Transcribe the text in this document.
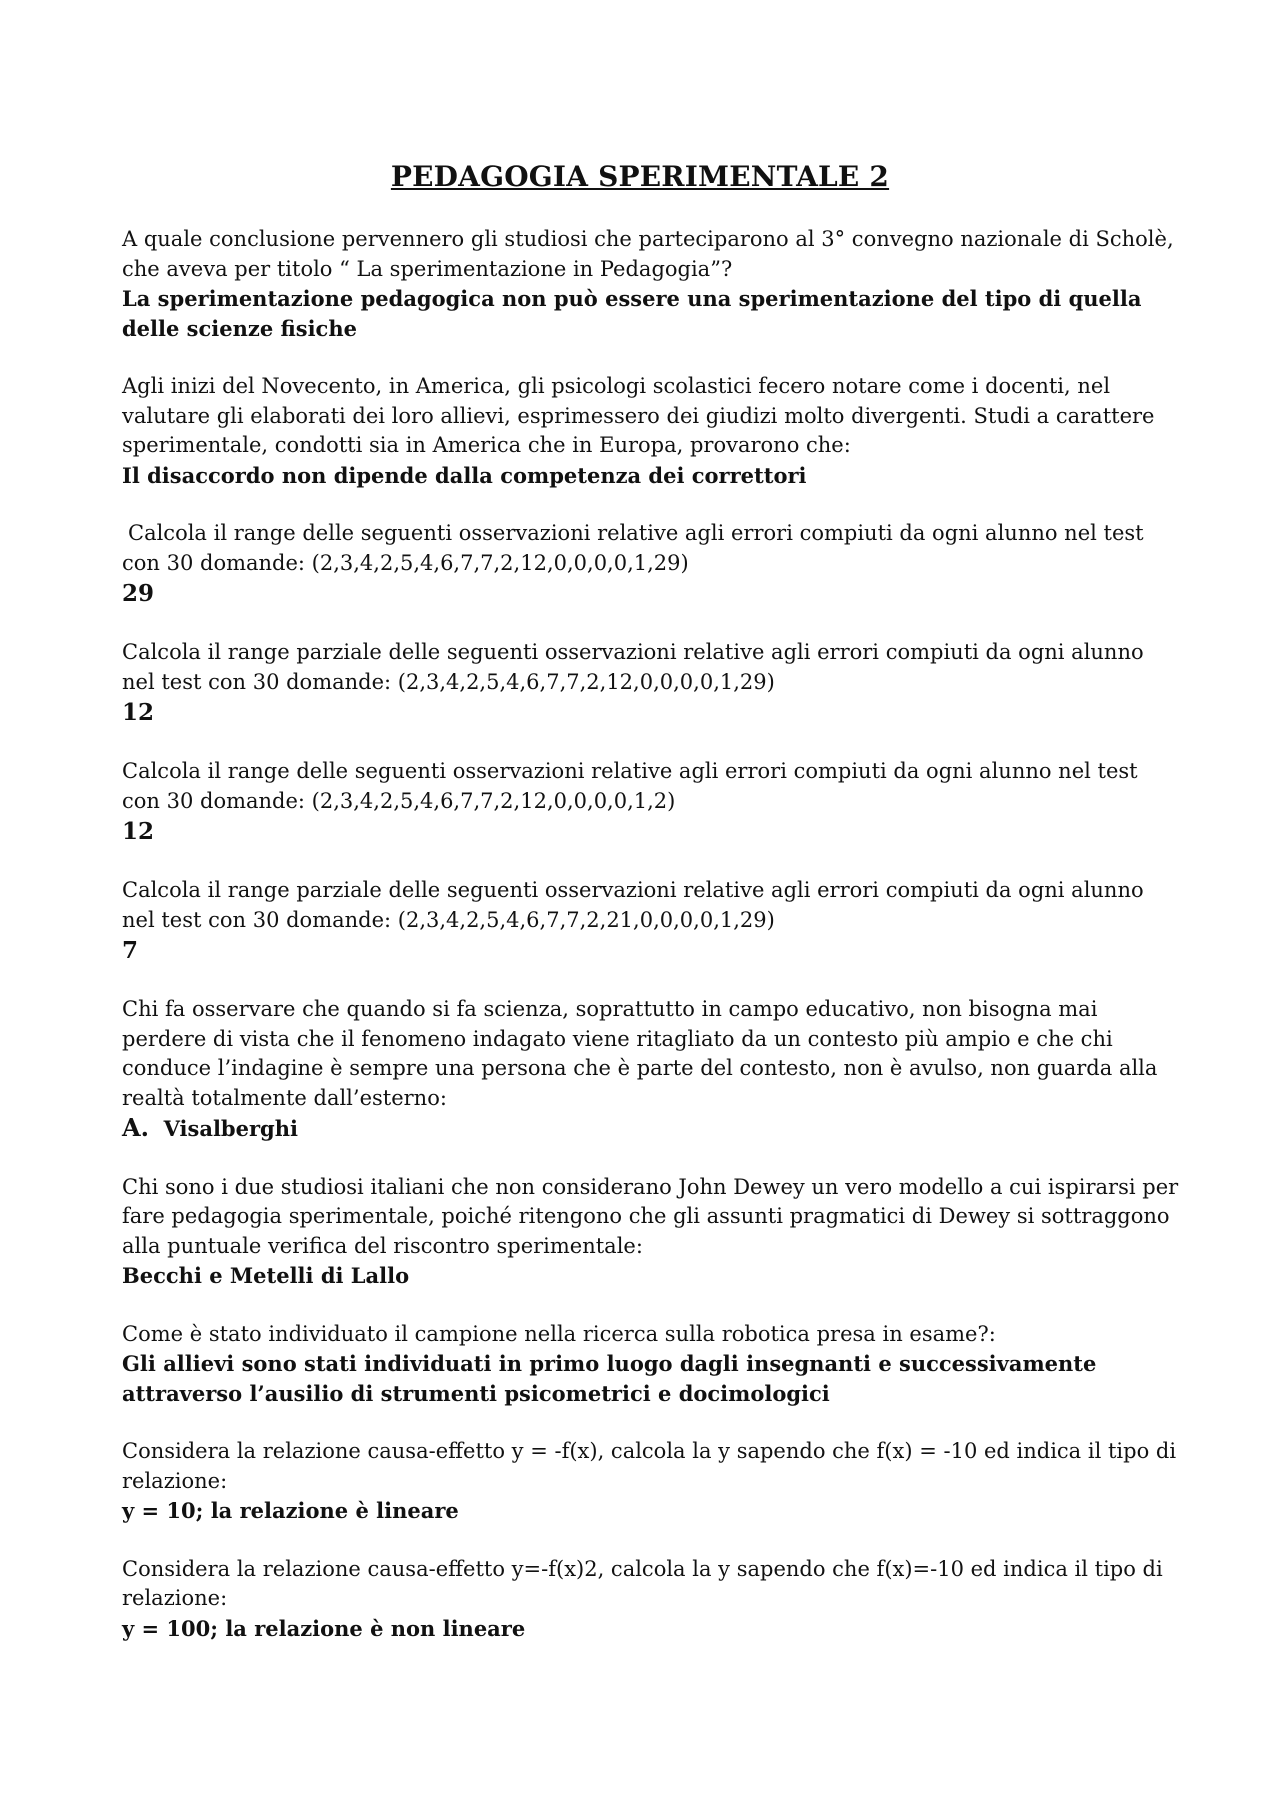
PEDAGOGIA SPERIMENTALE 2

A quale conclusione pervennero gli studiosi che parteciparono al 3° convegno nazionale di Scholè, che aveva per titolo “ La sperimentazione in Pedagogia”?

La sperimentazione pedagogica non può essere una sperimentazione del tipo di quella delle scienze fisiche

Agli inizi del Novecento, in America, gli psicologi scolastici fecero notare come i docenti, nel valutare gli elaborati dei loro allievi, esprimessero dei giudizi molto divergenti. Studi a carattere sperimentale, condotti sia in America che in Europa, provarono che:

Il disaccordo non dipende dalla competenza dei correttori

Calcola il range delle seguenti osservazioni relative agli errori compiuti da ogni alunno nel test con 30 domande: (2,3,4,2,5,4,6,7,7,2,12,0,0,0,0,1,29)

29

Calcola il range parziale delle seguenti osservazioni relative agli errori compiuti da ogni alunno nel test con 30 domande: (2,3,4,2,5,4,6,7,7,2,12,0,0,0,0,1,29)

12

Calcola il range delle seguenti osservazioni relative agli errori compiuti da ogni alunno nel test con 30 domande: (2,3,4,2,5,4,6,7,7,2,12,0,0,0,0,1,2)

12

Calcola il range parziale delle seguenti osservazioni relative agli errori compiuti da ogni alunno nel test con 30 domande: (2,3,4,2,5,4,6,7,7,2,21,0,0,0,0,1,29)

7

Chi fa osservare che quando si fa scienza, soprattutto in campo educativo, non bisogna mai perdere di vista che il fenomeno indagato viene ritagliato da un contesto più ampio e che chi conduce l’indagine è sempre una persona che è parte del contesto, non è avulso, non guarda alla realtà totalmente dall’esterno:

A. Visalberghi

Chi sono i due studiosi italiani che non considerano John Dewey un vero modello a cui ispirarsi per fare pedagogia sperimentale, poiché ritengono che gli assunti pragmatici di Dewey si sottraggono alla puntuale verifica del riscontro sperimentale:

Becchi e Metelli di Lallo

Come è stato individuato il campione nella ricerca sulla robotica presa in esame?:

Gli allievi sono stati individuati in primo luogo dagli insegnanti e successivamente attraverso l’ausilio di strumenti psicometrici e docimologici

Considera la relazione causa-effetto y = -f(x), calcola la y sapendo che f(x) = -10 ed indica il tipo di relazione:

y = 10; la relazione è lineare

Considera la relazione causa-effetto y=-f(x)2, calcola la y sapendo che f(x)=-10 ed indica il tipo di relazione:

y = 100; la relazione è non lineare
